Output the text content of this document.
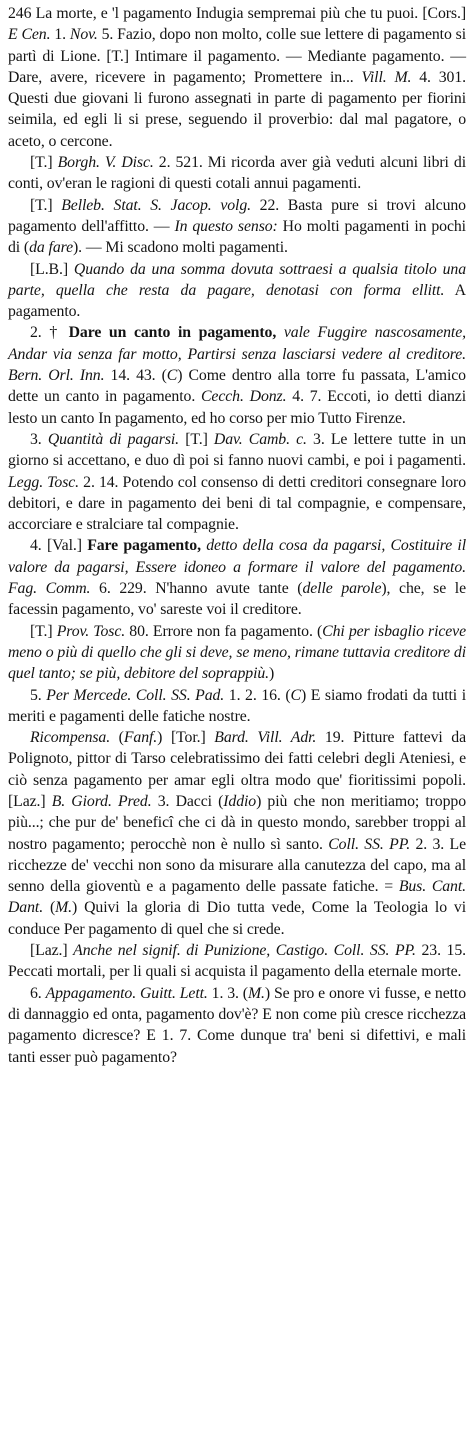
246 La morte, e 'l pagamento Indugia sempremai più che tu puoi. [Cors.] E Cen. 1. Nov. 5. Fazio, dopo non molto, colle sue lettere di pagamento si partì di Lione. [T.] Intimare il pagamento. — Mediante pagamento. — Dare, avere, ricevere in pagamento; Promettere in... Vill. M. 4. 301. Questi due giovani li furono assegnati in parte di pagamento per fiorini seimila, ed egli li si prese, seguendo il proverbio: dal mal pagatore, o aceto, o cercone.

[T.] Borgh. V. Disc. 2. 521. Mi ricorda aver già veduti alcuni libri di conti, ov'eran le ragioni di questi cotali annui pagamenti.

[T.] Belleb. Stat. S. Jacop. volg. 22. Basta pure si trovi alcuno pagamento dell'affitto. — In questo senso: Ho molti pagamenti in pochi di (da fare). — Mi scadono molti pagamenti.

[L.B.] Quando da una somma dovuta sottraesi a qualsia titolo una parte, quella che resta da pagare, denotasi con forma ellitt. A pagamento.

2. † Dare un canto in pagamento, vale Fuggire nascosamente, Andar via senza far motto, Partirsi senza lasciarsi vedere al creditore. Bern. Orl. Inn. 14. 43. (C) Come dentro alla torre fu passata, L'amico dette un canto in pagamento. Cecch. Donz. 4. 7. Eccoti, io detti dianzi lesto un canto In pagamento, ed ho corso per mio Tutto Firenze.

3. Quantità di pagarsi. [T.] Dav. Camb. c. 3. Le lettere tutte in un giorno si accettano, e duo dì poi si fanno nuovi cambi, e poi i pagamenti. Legg. Tosc. 2. 14. Potendo col consenso di detti creditori consegnare loro debitori, e dare in pagamento dei beni di tal compagnie, e compensare, accorciare e stralciare tal compagnie.

4. [Val.] Fare pagamento, detto della cosa da pagarsi, Costituire il valore da pagarsi, Essere idoneo a formare il valore del pagamento. Fag. Comm. 6. 229. N'hanno avute tante (delle parole), che, se le facessin pagamento, vo' sareste voi il creditore.

[T.] Prov. Tosc. 80. Errore non fa pagamento. (Chi per isbaglio riceve meno o più di quello che gli si deve, se meno, rimane tuttavia creditore di quel tanto; se più, debitore del soprappiù.)

5. Per Mercede. Coll. SS. Pad. 1. 2. 16. (C) E siamo frodati da tutti i meriti e pagamenti delle fatiche nostre.

Ricompensa. (Fanf.) [Tor.] Bard. Vill. Adr. 19. Pitture fattevi da Polignoto, pittor di Tarso celebratissimo dei fatti celebri degli Ateniesi, e ciò senza pagamento per amar egli oltra modo que' fioritissimi popoli. [Laz.] B. Giord. Pred. 3. Dacci (Iddio) più che non meritiamo; troppo più...; che pur de' beneficî che ci dà in questo mondo, sarebber troppi al nostro pagamento; perocchè non è nullo sì santo. Coll. SS. PP. 2. 3. Le ricchezze de' vecchi non sono da misurare alla canutezza del capo, ma al senno della gioventù e a pagamento delle passate fatiche. = Bus. Cant. Dant. (M.) Quivi la gloria di Dio tutta vede, Come la Teologia lo vi conduce Per pagamento di quel che si crede.

[Laz.] Anche nel signif. di Punizione, Castigo. Coll. SS. PP. 23. 15. Peccati mortali, per li quali si acquista il pagamento della eternale morte.

6. Appagamento. Guitt. Lett. 1. 3. (M.) Se pro e onore vi fusse, e netto di dannaggio ed onta, pagamento dov'è? E non come più cresce ricchezza pagamento dicresce? E 1. 7. Come dunque tra' beni si difettivi, e mali tanti esser può pagamento?
